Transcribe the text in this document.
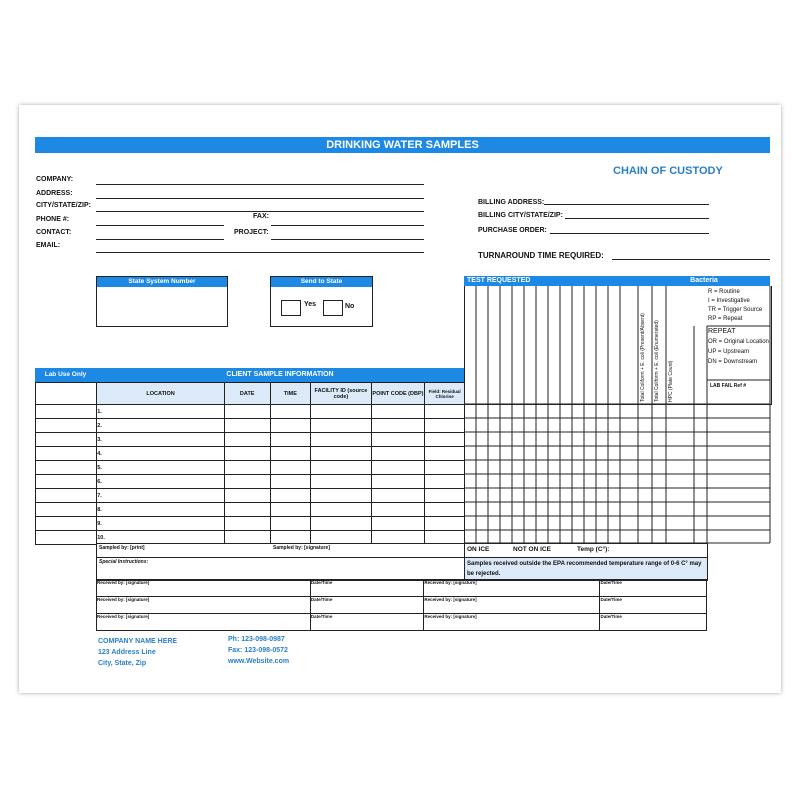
DRINKING WATER SAMPLES
CHAIN OF CUSTODY
COMPANY:
ADDRESS:
CITY/STATE/ZIP:
PHONE #:	FAX:
CONTACT:	PROJECT:
EMAIL:
BILLING ADDRESS:
BILLING CITY/STATE/ZIP:
PURCHASE ORDER:
TURNAROUND TIME REQUIRED:
State System Number	Send to State
Yes	No
TEST REQUESTED	Bacteria
R = Routine
I = Investigative
TR = Trigger Source
RP = Repeat
REPEAT
OR = Original Location
UP = Upstream
DN = Downstream
LAB FAIL Ref #
Total Coliform + E. coli (Present/Absent) Total Coliform + E. coli (Enumerated) HPC (Plate Count)
Lab Use Only	CLIENT SAMPLE INFORMATION
	LOCATION	DATE	TIME	FACILITY ID (source code)	POINT CODE (DBP)	Field: Residual Chlorine
	1.					
	2.					
	3.					
	4.					
	5.					
	6.					
	7.					
	8.					
	9.					
	10.					
Sampled by: [print]	Sampled by: [signature]	ON ICE	NOT ON ICE	Temp (C°):
Special Instructions:	Samples received outside the EPA recommended temperature range of 0-6 C° may be rejected.
Received by: [signature]	Date/Time	Received by: [signature]	Date/Time
Received by: [signature]	Date/Time	Received by: [signature]	Date/Time
Received by: [signature]	Date/Time	Received by: [signature]	Date/Time
COMPANY NAME HERE
123 Address Line
City, State, Zip
Ph: 123-098-0987
Fax: 123-098-0572
www.Website.com
